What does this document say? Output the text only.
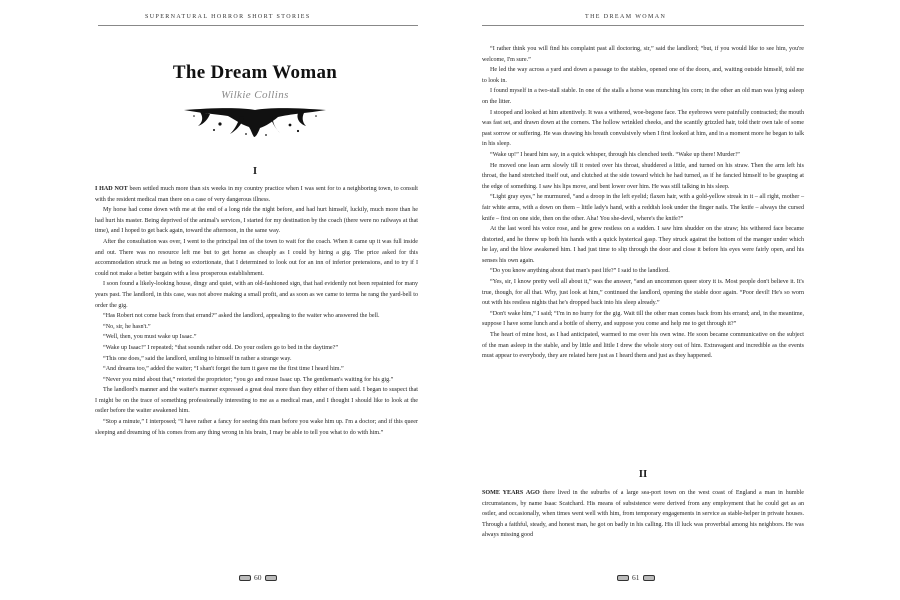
SUPERNATURAL HORROR SHORT STORIES
The Dream Woman
Wilkie Collins
I

I HAD NOT been settled much more than six weeks in my country practice when I was sent for to a neighboring town, to consult with the resident medical man there on a case of very dangerous illness.

My horse had come down with me at the end of a long ride the night before, and had hurt himself, luckily, much more than he had hurt his master. Being deprived of the animal's services, I started for my destination by the coach (there were no railways at that time), and I hoped to get back again, toward the afternoon, in the same way.

After the consultation was over, I went to the principal inn of the town to wait for the coach. When it came up it was full inside and out. There was no resource left me but to get home as cheaply as I could by hiring a gig. The price asked for this accommodation struck me as being so extortionate, that I determined to look out for an inn of inferior pretensions, and to try if I could not make a better bargain with a less prosperous establishment.

I soon found a likely-looking house, dingy and quiet, with an old-fashioned sign, that had evidently not been repainted for many years past. The landlord, in this case, was not above making a small profit, and as soon as we came to terms he rang the yard-bell to order the gig.

“Has Robert not come back from that errand?” asked the landlord, appealing to the waiter who answered the bell.

“No, sir, he hasn't.”

“Well, then, you must wake up Isaac.”

“Wake up Isaac!” I repeated; “that sounds rather odd. Do your ostlers go to bed in the daytime?”

“This one does,” said the landlord, smiling to himself in rather a strange way.

“And dreams too,” added the waiter; “I shan't forget the turn it gave me the first time I heard him.”

“Never you mind about that,” retorted the proprietor; “you go and rouse Isaac up. The gentleman's waiting for his gig.”

The landlord's manner and the waiter's manner expressed a great deal more than they either of them said. I began to suspect that I might be on the trace of something professionally interesting to me as a medical man, and I thought I should like to look at the ostler before the waiter awakened him.

“Stop a minute,” I interposed; “I have rather a fancy for seeing this man before you wake him up. I'm a doctor; and if this queer sleeping and dreaming of his comes from any thing wrong in his brain, I may be able to tell you what to do with him.”

60
THE DREAM WOMAN

“I rather think you will find his complaint past all doctoring, sir,” said the landlord; “but, if you would like to see him, you're welcome, I'm sure.”

He led the way across a yard and down a passage to the stables, opened one of the doors, and, waiting outside himself, told me to look in.

I found myself in a two-stall stable. In one of the stalls a horse was munching his corn; in the other an old man was lying asleep on the litter.

I stooped and looked at him attentively. It was a withered, woe-begone face. The eyebrows were painfully contracted; the mouth was fast set, and drawn down at the corners. The hollow wrinkled cheeks, and the scantily grizzled hair, told their own tale of some past sorrow or suffering. He was drawing his breath convulsively when I first looked at him, and in a moment more he began to talk in his sleep.

“Wake up!” I heard him say, in a quick whisper, through his clenched teeth. “Wake up there! Murder!”

He moved one lean arm slowly till it rested over his throat, shuddered a little, and turned on his straw. Then the arm left his throat, the hand stretched itself out, and clutched at the side toward which he had turned, as if he fancied himself to be grasping at the edge of something. I saw his lips move, and bent lower over him. He was still talking in his sleep.

“Light gray eyes,” he murmured, “and a droop in the left eyelid; flaxen hair, with a gold-yellow streak in it – all right, mother – fair white arms, with a down on them – little lady's hand, with a reddish look under the finger nails. The knife – always the cursed knife – first on one side, then on the other. Aha! You she-devil, where's the knife?”

At the last word his voice rose, and he grew restless on a sudden. I saw him shudder on the straw; his withered face became distorted, and he threw up both his hands with a quick hysterical gasp. They struck against the bottom of the manger under which he lay, and the blow awakened him. I had just time to slip through the door and close it before his eyes were fairly open, and his senses his own again.

“Do you know anything about that man's past life?” I said to the landlord.

“Yes, sir, I know pretty well all about it,” was the answer, “and an uncommon queer story it is. Most people don't believe it. It's true, though, for all that. Why, just look at him,” continued the landlord, opening the stable door again. “Poor devil! He's so worn out with his restless nights that he's dropped back into his sleep already.”

“Don't wake him,” I said; “I'm in no hurry for the gig. Wait till the other man comes back from his errand; and, in the meantime, suppose I have some lunch and a bottle of sherry, and suppose you come and help me to get through it?”

The heart of mine host, as I had anticipated, warmed to me over his own wine. He soon became communicative on the subject of the man asleep in the stable, and by little and little I drew the whole story out of him. Extravagant and incredible as the events must appear to everybody, they are related here just as I heard them and just as they happened.

II

SOME YEARS AGO there lived in the suburbs of a large sea-port town on the west coast of England a man in humble circumstances, by name Isaac Scatchard. His means of subsistence were derived from any employment that he could get as an ostler, and occasionally, when times went well with him, from temporary engagements in service as stable-helper in private houses. Through a faithful, steady, and honest man, he got on badly in his calling. His ill luck was proverbial among his neighbors. He was always missing good

61
